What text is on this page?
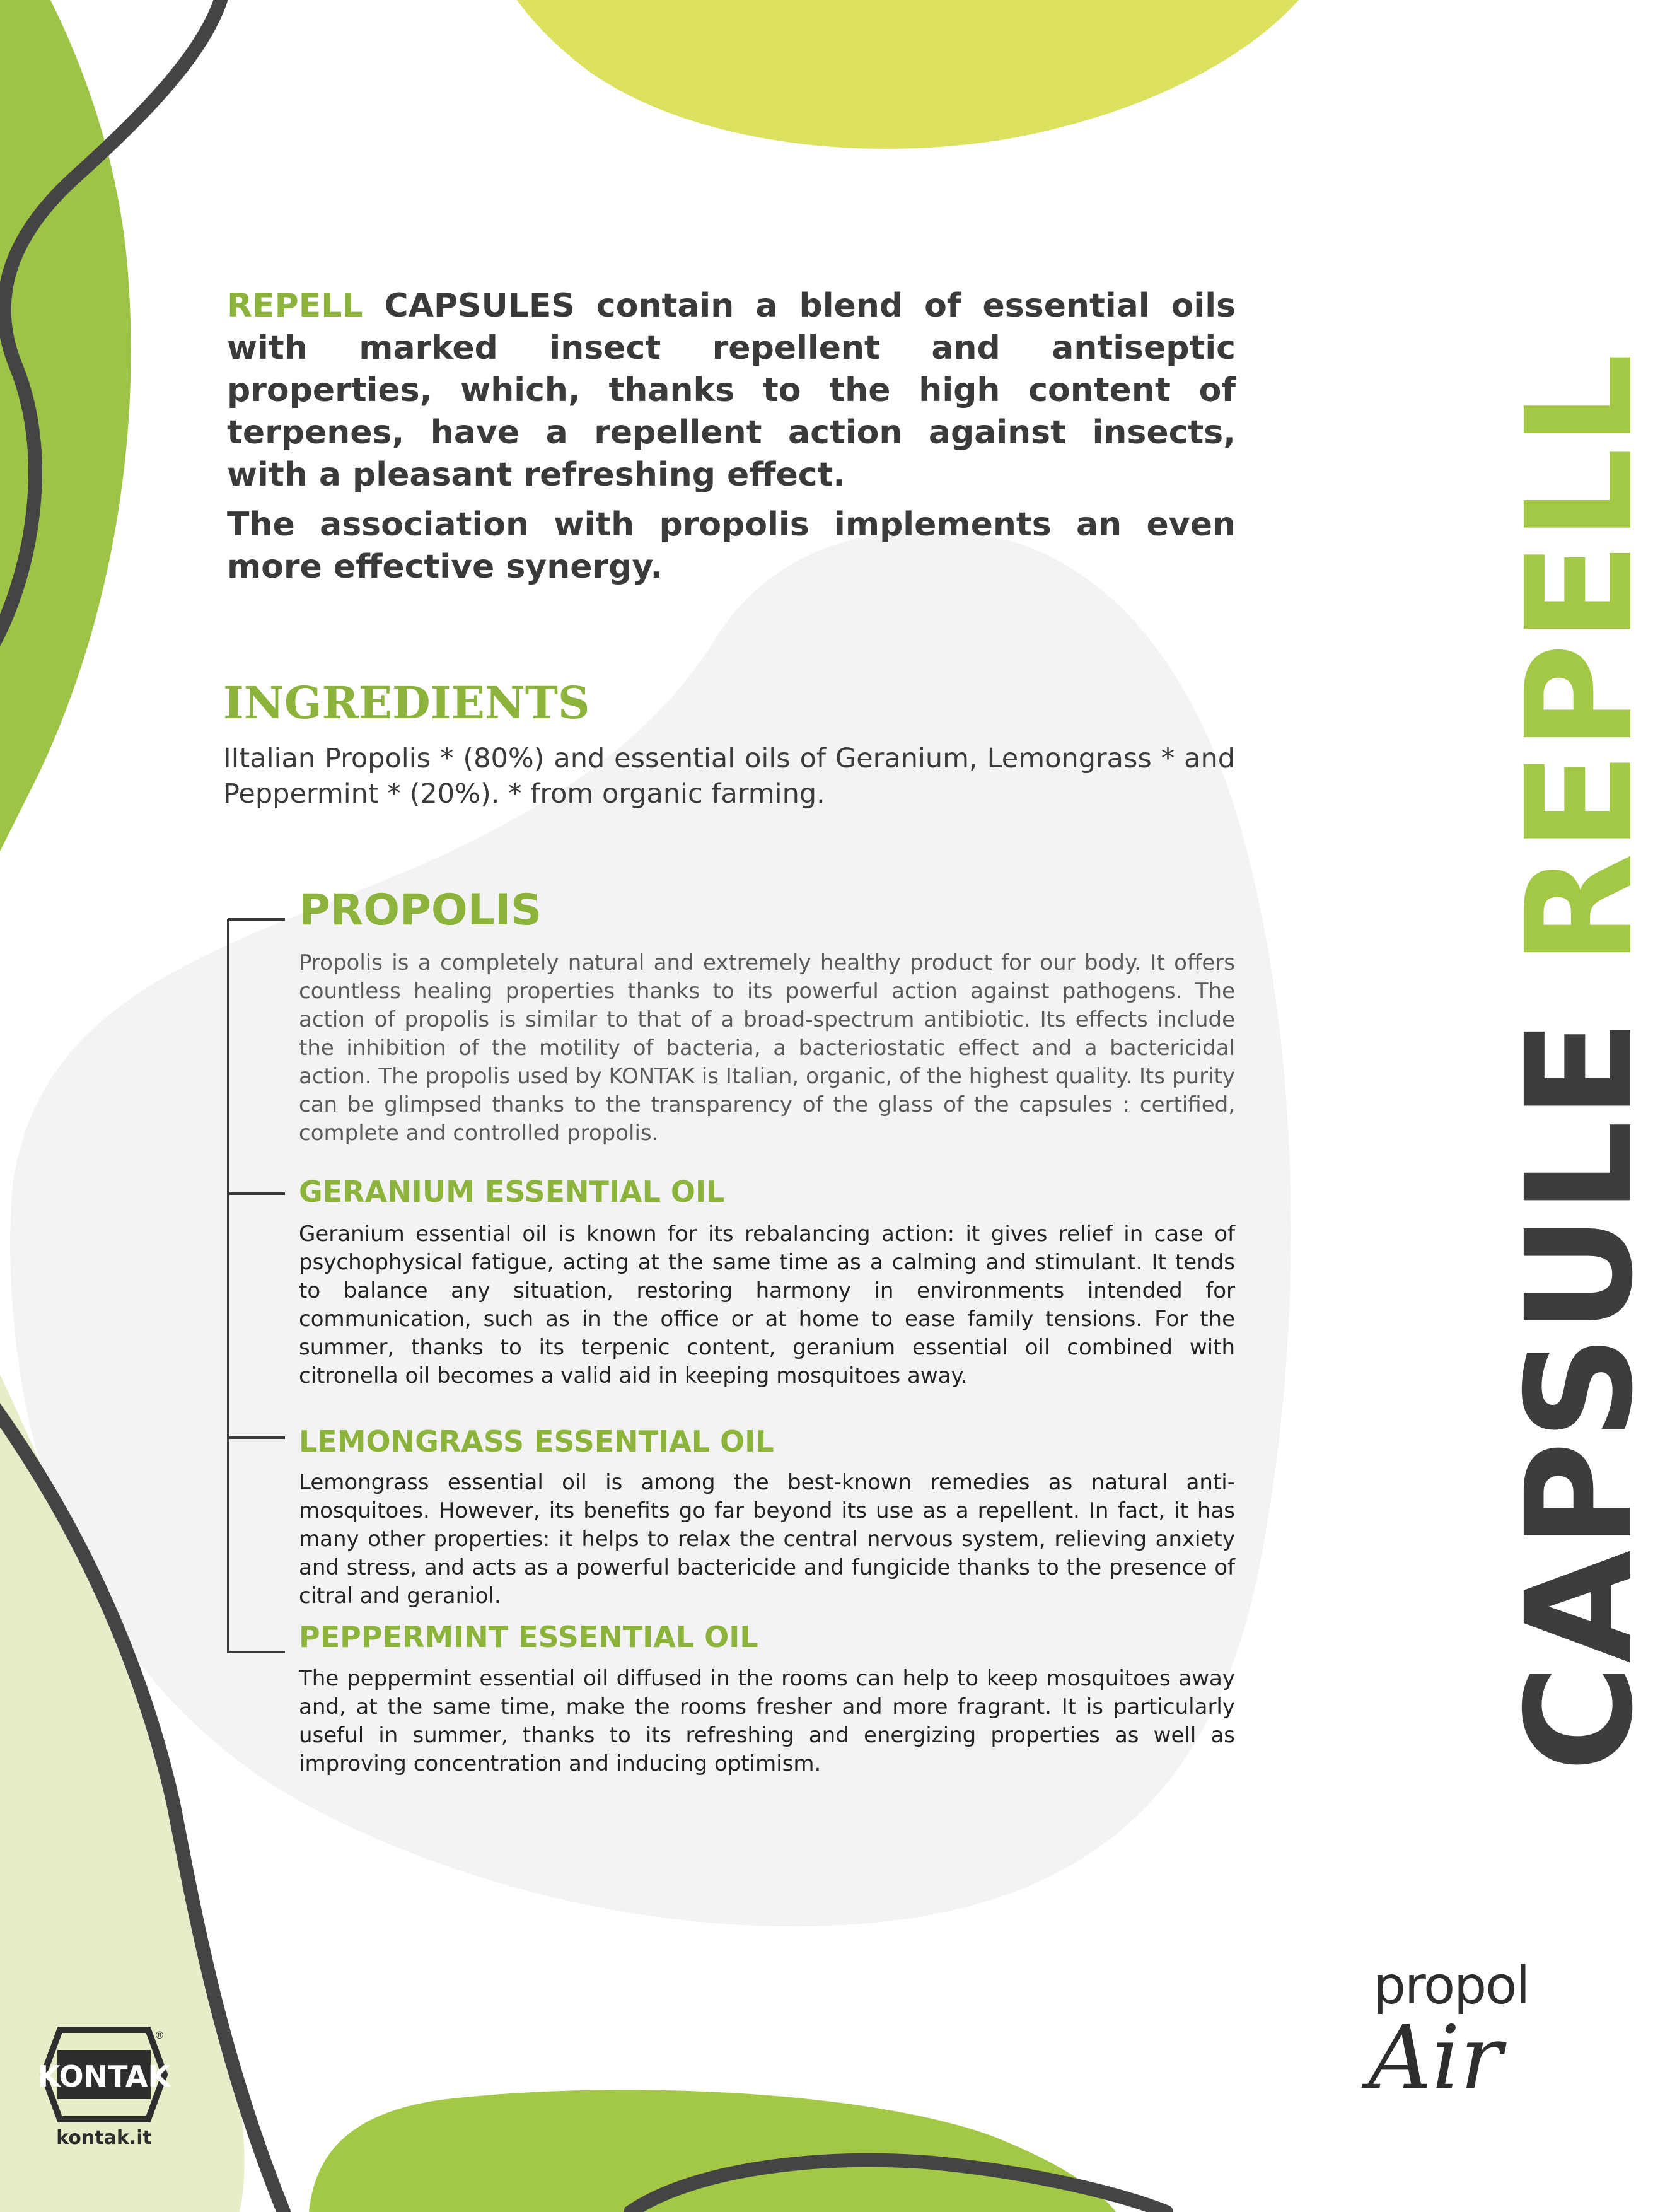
REPELL CAPSULES contain a blend of essential oils with marked insect repellent and antiseptic properties, which, thanks to the high content of terpenes, have a repellent action against insects, with a pleasant refreshing effect.

The association with propolis implements an even more effective synergy.

INGREDIENTS

IItalian Propolis * (80%) and essential oils of Geranium, Lemongrass * and Peppermint * (20%). * from organic farming.

PROPOLIS

Propolis is a completely natural and extremely healthy product for our body. It offers countless healing properties thanks to its powerful action against pathogens. The action of propolis is similar to that of a broad-spectrum antibiotic. Its effects include the inhibition of the motility of bacteria, a bacteriostatic effect and a bactericidal action. The propolis used by KONTAK is Italian, organic, of the highest quality. Its purity can be glimpsed thanks to the transparency of the glass of the capsules : certified, complete and controlled propolis.

GERANIUM ESSENTIAL OIL

Geranium essential oil is known for its rebalancing action: it gives relief in case of psychophysical fatigue, acting at the same time as a calming and stimulant. It tends to balance any situation, restoring harmony in environments intended for communication, such as in the office or at home to ease family tensions. For the summer, thanks to its terpenic content, geranium essential oil combined with citronella oil becomes a valid aid in keeping mosquitoes away.

LEMONGRASS ESSENTIAL OIL

Lemongrass essential oil is among the best-known remedies as natural anti-mosquitoes. However, its benefits go far beyond its use as a repellent. In fact, it has many other properties: it helps to relax the central nervous system, relieving anxiety and stress, and acts as a powerful bactericide and fungicide thanks to the presence of citral and geraniol.

PEPPERMINT ESSENTIAL OIL

The peppermint essential oil diffused in the rooms can help to keep mosquitoes away and, at the same time, make the rooms fresher and more fragrant. It is particularly useful in summer, thanks to its refreshing and energizing properties as well as improving concentration and inducing optimism.	CAPSULE REPELL
KONTAK
®
kontak.it
propol
Air
